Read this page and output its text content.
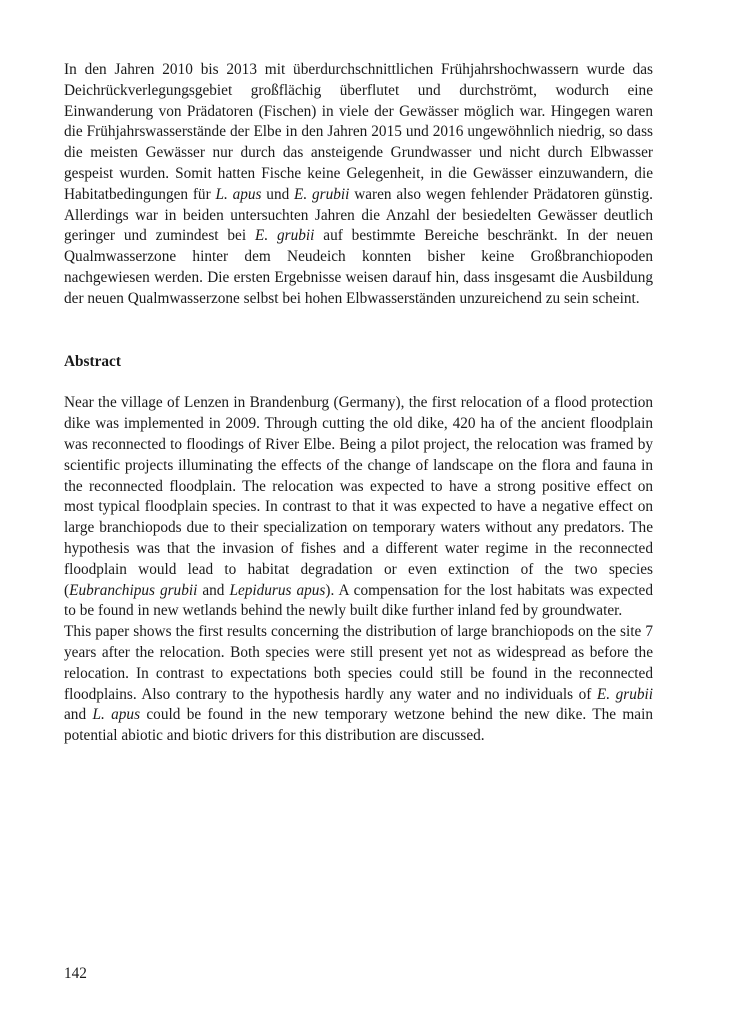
In den Jahren 2010 bis 2013 mit überdurchschnittlichen Frühjahrshochwassern wurde das Deichrückverlegungsgebiet großflächig überflutet und durchströmt, wodurch eine Einwanderung von Prädatoren (Fischen) in viele der Gewässer möglich war. Hingegen waren die Frühjahrswasserstände der Elbe in den Jahren 2015 und 2016 ungewöhnlich niedrig, so dass die meisten Gewässer nur durch das ansteigende Grundwasser und nicht durch Elbwasser gespeist wurden. Somit hatten Fische keine Gelegenheit, in die Gewässer einzuwandern, die Habitatbedingungen für L. apus und E. grubii waren also wegen fehlender Prädatoren günstig. Allerdings war in beiden untersuchten Jahren die Anzahl der besiedelten Gewässer deutlich geringer und zumindest bei E. grubii auf bestimmte Bereiche beschränkt. In der neuen Qualmwasserzone hinter dem Neudeich konnten bisher keine Großbranchiopoden nachgewiesen werden. Die ersten Ergebnisse weisen darauf hin, dass insgesamt die Ausbildung der neuen Qualmwasserzone selbst bei hohen Elbwasserständen unzureichend zu sein scheint.

Abstract

Near the village of Lenzen in Brandenburg (Germany), the first relocation of a flood protection dike was implemented in 2009. Through cutting the old dike, 420 ha of the ancient floodplain was reconnected to floodings of River Elbe. Being a pilot project, the relocation was framed by scientific projects illuminating the effects of the change of landscape on the flora and fauna in the reconnected floodplain. The relocation was expected to have a strong positive effect on most typical floodplain species. In contrast to that it was expected to have a negative effect on large branchiopods due to their specialization on temporary waters without any predators. The hypothesis was that the invasion of fishes and a different water regime in the reconnected floodplain would lead to habitat degradation or even extinction of the two species (Eubranchipus grubii and Lepidurus apus). A compensation for the lost habitats was expected to be found in new wetlands behind the newly built dike further inland fed by groundwater.

This paper shows the first results concerning the distribution of large branchiopods on the site 7 years after the relocation. Both species were still present yet not as widespread as before the relocation. In contrast to expectations both species could still be found in the reconnected floodplains. Also contrary to the hypothesis hardly any water and no individuals of E. grubii and L. apus could be found in the new temporary wetzone behind the new dike. The main potential abiotic and biotic drivers for this distribution are discussed.

142
